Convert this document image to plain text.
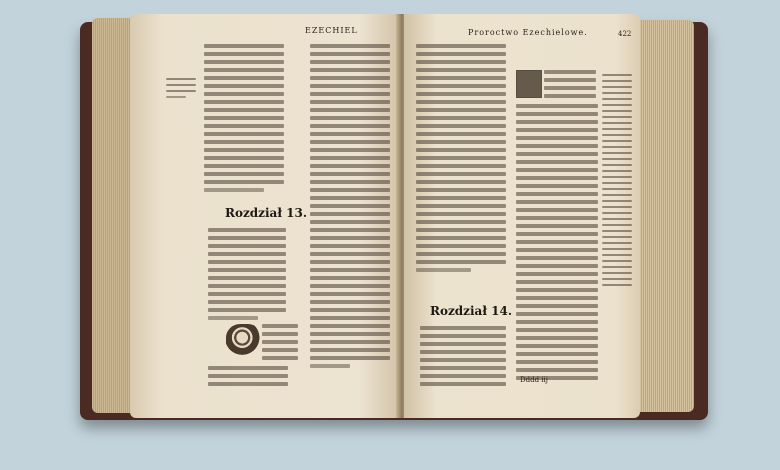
EZECHIEL
Rozdział 13.
Proroctwo Ezechielowe.	422
Rozdział 14.
Dddd iij
